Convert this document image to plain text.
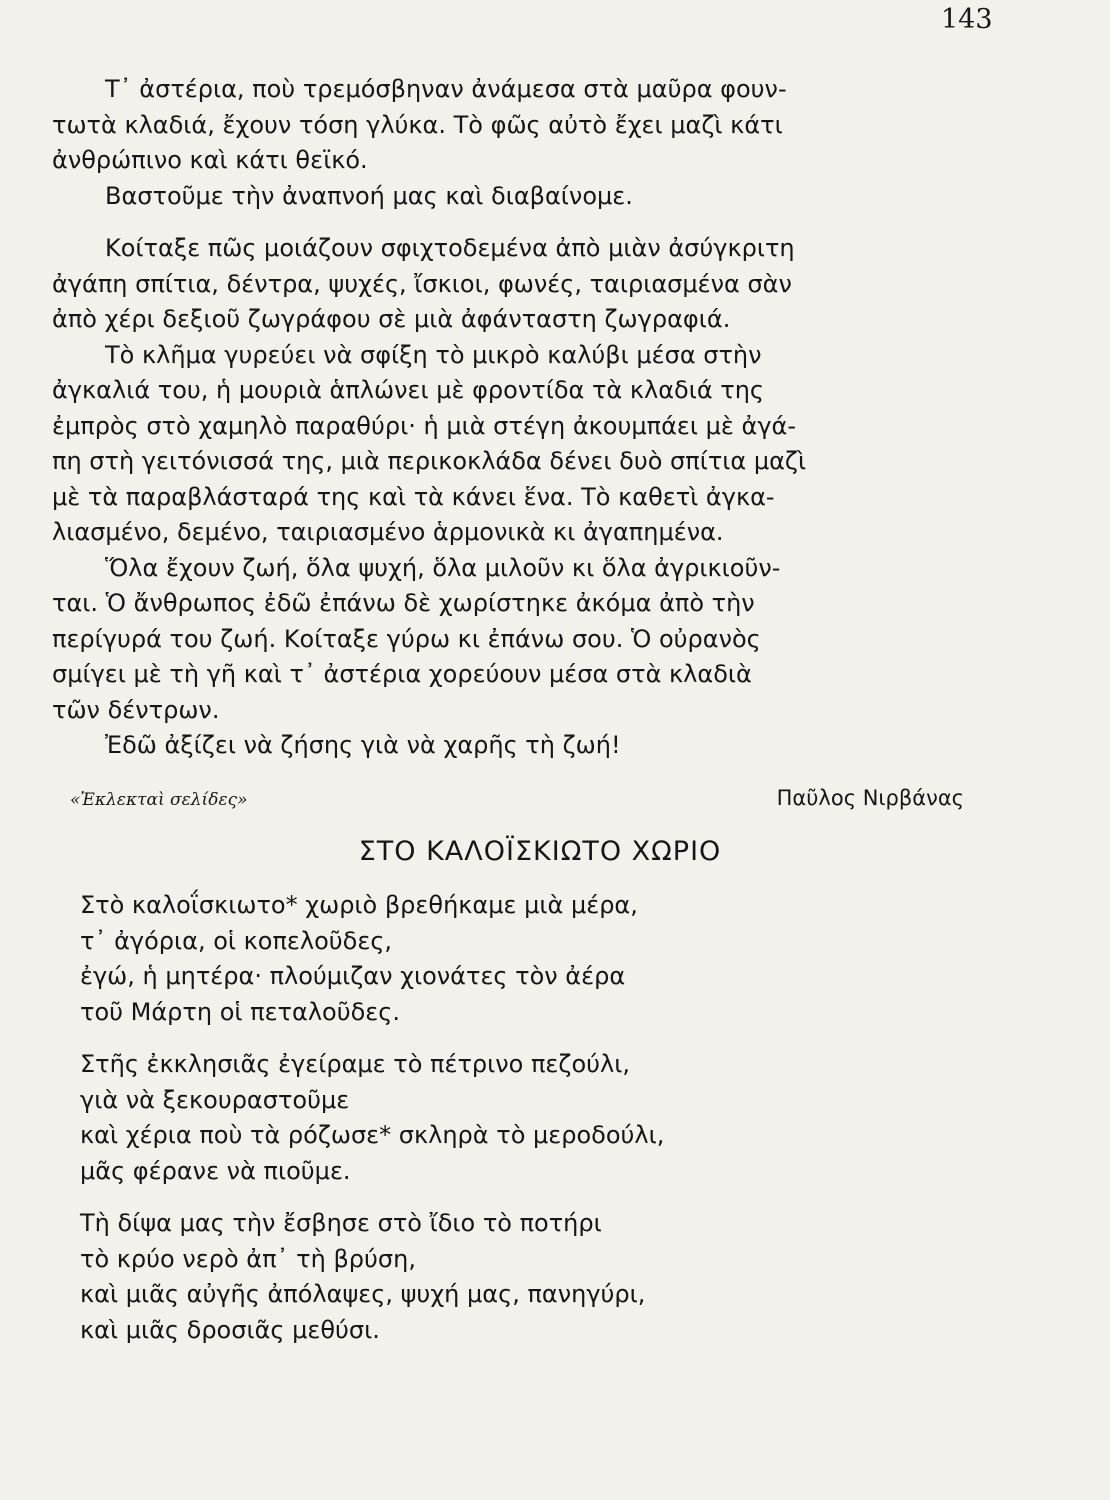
143
Τ᾿ ἀστέρια, ποὺ τρεμόσβηναν ἀνάμεσα στὰ μαῦρα φουν-
τωτὰ κλαδιά, ἔχουν τόση γλύκα. Τὸ φῶς αὐτὸ ἔχει μαζὶ κάτι
ἀνθρώπινο καὶ κάτι θεϊκό.
Βαστοῦμε τὴν ἀναπνοή μας καὶ διαβαίνομε.
Κοίταξε πῶς μοιάζουν σφιχτοδεμένα ἀπὸ μιὰν ἀσύγκριτη
ἀγάπη σπίτια, δέντρα, ψυχές, ἴσκιοι, φωνές, ταιριασμένα σὰν
ἀπὸ χέρι δεξιοῦ ζωγράφου σὲ μιὰ ἀφάνταστη ζωγραφιά.
Τὸ κλῆμα γυρεύει νὰ σφίξη τὸ μικρὸ καλύβι μέσα στὴν
ἀγκαλιά του, ἡ μουριὰ ἁπλώνει μὲ φροντίδα τὰ κλαδιά της
ἐμπρὸς στὸ χαμηλὸ παραθύρι· ἡ μιὰ στέγη ἀκουμπάει μὲ ἀγά-
πη στὴ γειτόνισσά της, μιὰ περικοκλάδα δένει δυὸ σπίτια μαζὶ
μὲ τὰ παραβλάσταρά της καὶ τὰ κάνει ἕνα. Τὸ καθετὶ ἀγκα-
λιασμένο, δεμένο, ταιριασμένο ἁρμονικὰ κι ἀγαπημένα.
Ὅλα ἔχουν ζωή, ὅλα ψυχή, ὅλα μιλοῦν κι ὅλα ἀγρικιοῦν-
ται. Ὁ ἄνθρωπος ἐδῶ ἐπάνω δὲ χωρίστηκε ἀκόμα ἀπὸ τὴν
περίγυρά του ζωή. Κοίταξε γύρω κι ἐπάνω σου. Ὁ οὐρανὸς
σμίγει μὲ τὴ γῆ καὶ τ᾿ ἀστέρια χορεύουν μέσα στὰ κλαδιὰ
τῶν δέντρων.
Ἐδῶ ἀξίζει νὰ ζήσης γιὰ νὰ χαρῆς τὴ ζωή!
«Ἐκλεκταὶ σελίδες»	Παῦλος Νιρβάνας
ΣΤΟ ΚΑΛΟΪΣΚΙΩΤΟ ΧΩΡΙΟ
Στὸ καλοΐσκιωτο* χωριὸ βρεθήκαμε μιὰ μέρα,
τ᾿ ἀγόρια, οἱ κοπελοῦδες,
ἐγώ, ἡ μητέρα· πλούμιζαν χιονάτες τὸν ἀέρα
τοῦ Μάρτη οἱ πεταλοῦδες.
Στῆς ἐκκλησιᾶς ἐγείραμε τὸ πέτρινο πεζούλι,
γιὰ νὰ ξεκουραστοῦμε
καὶ χέρια ποὺ τὰ ρόζωσε* σκληρὰ τὸ μεροδούλι,
μᾶς φέρανε νὰ πιοῦμε.
Τὴ δίψα μας τὴν ἔσβησε στὸ ἴδιο τὸ ποτήρι
τὸ κρύο νερὸ ἀπ᾿ τὴ βρύση,
καὶ μιᾶς αὐγῆς ἀπόλαψες, ψυχή μας, πανηγύρι,
καὶ μιᾶς δροσιᾶς μεθύσι.
